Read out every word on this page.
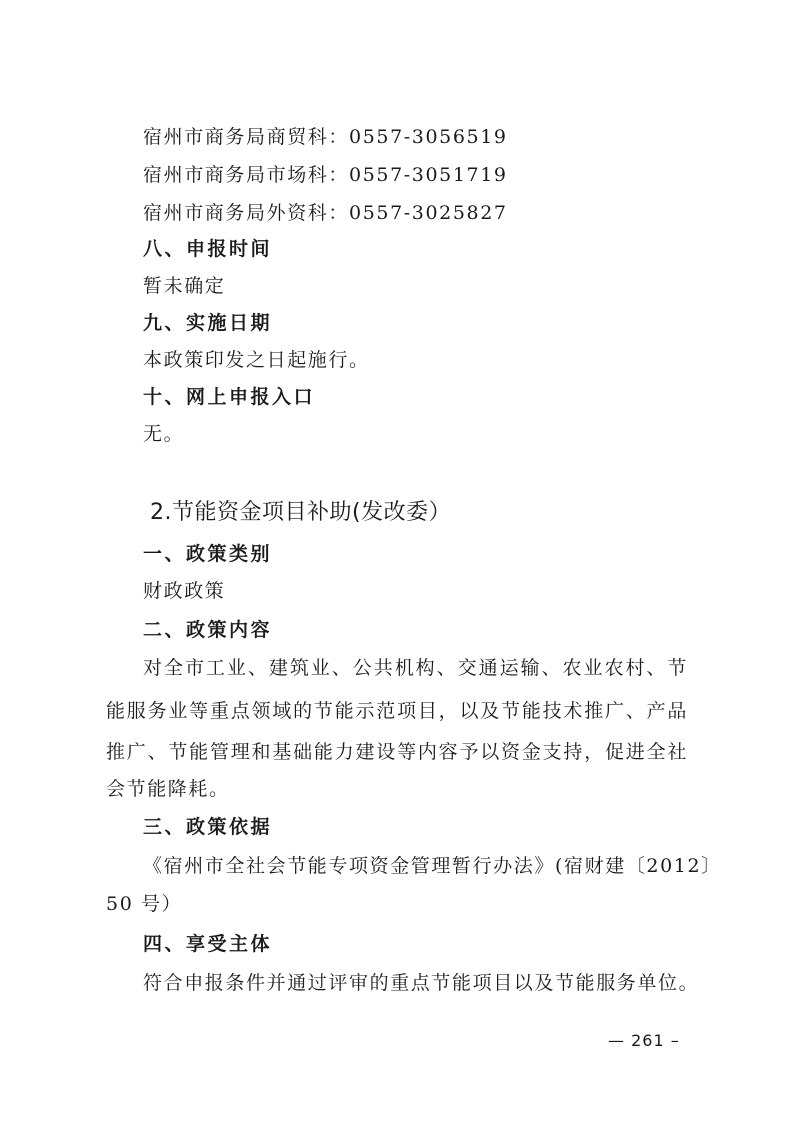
宿州市商务局商贸科：0557-3056519
宿州市商务局市场科：0557-3051719
宿州市商务局外资科：0557-3025827
八、申报时间
暂未确定
九、实施日期
本政策印发之日起施行。
十、网上申报入口
无。
2.节能资金项目补助(发改委）
一、政策类别
财政政策
二、政策内容
对全市工业、建筑业、公共机构、交通运输、农业农村、节
能服务业等重点领域的节能示范项目，以及节能技术推广、产品
推广、节能管理和基础能力建设等内容予以资金支持，促进全社
会节能降耗。
三、政策依据
《宿州市全社会节能专项资金管理暂行办法》(宿财建〔2012〕
50 号）
四、享受主体
符合申报条件并通过评审的重点节能项目以及节能服务单位。
— 261 –
